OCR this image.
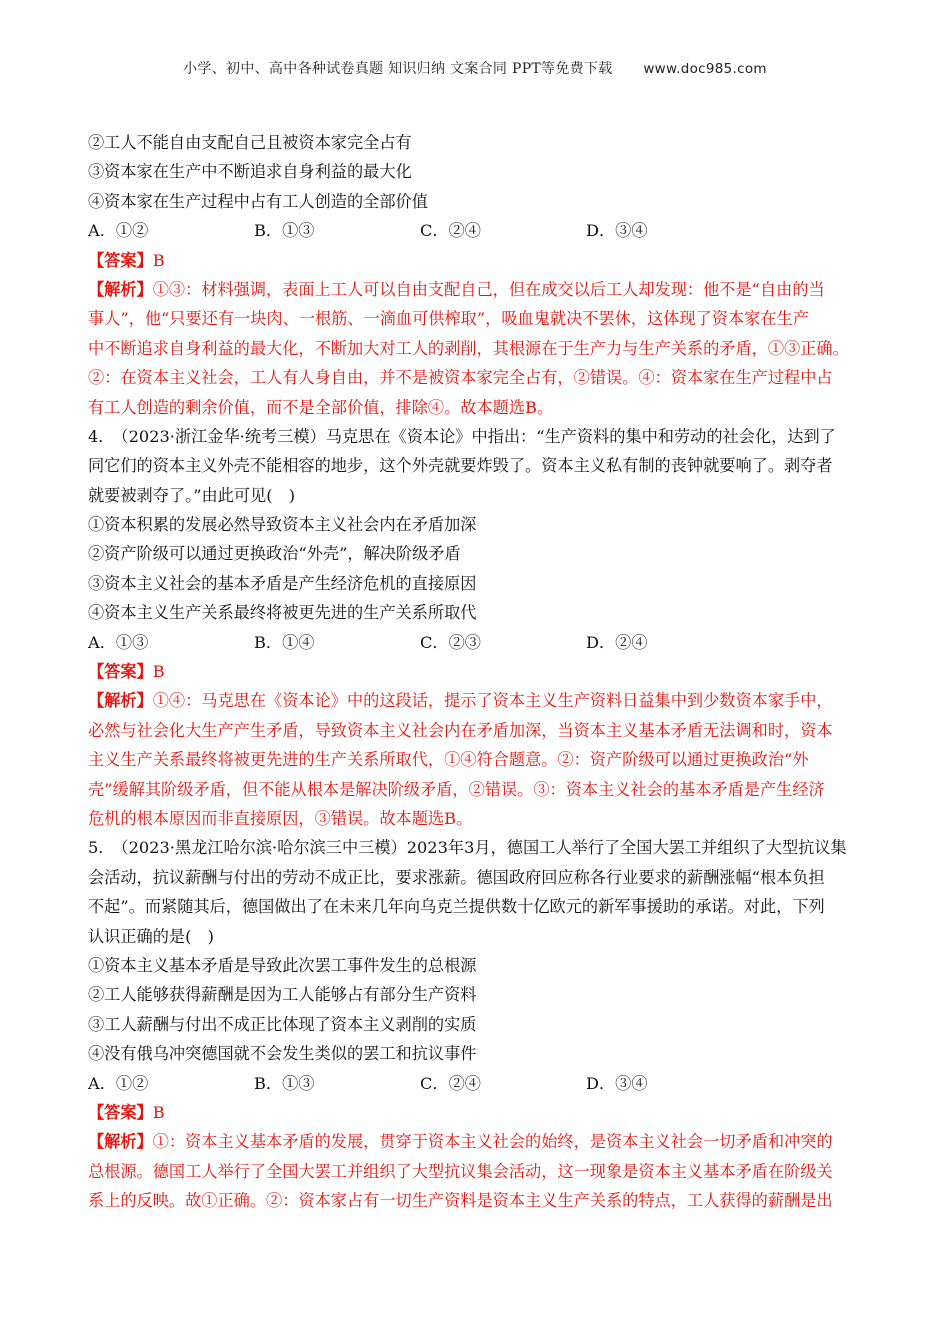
小学、初中、高中各种试卷真题 知识归纳 文案合同 PPT等免费下载 www.doc985.com
②工人不能自由支配自己且被资本家完全占有
③资本家在生产中不断追求自身利益的最大化
④资本家在生产过程中占有工人创造的全部价值
A．①②	B．①③	C．②④	D．③④
【答案】B
【解析】①③：材料强调，表面上工人可以自由支配自己，但在成交以后工人却发现：他不是“自由的当
事人”，他“只要还有一块肉、一根筋、一滴血可供榨取”，吸血鬼就决不罢休，这体现了资本家在生产
中不断追求自身利益的最大化，不断加大对工人的剥削，其根源在于生产力与生产关系的矛盾，①③正确。
②：在资本主义社会，工人有人身自由，并不是被资本家完全占有，②错误。④：资本家在生产过程中占
有工人创造的剩余价值，而不是全部价值，排除④。故本题选B。
4． （2023·浙江金华·统考三模）马克思在《资本论》中指出：“生产资料的集中和劳动的社会化，达到了
同它们的资本主义外壳不能相容的地步，这个外壳就要炸毁了。资本主义私有制的丧钟就要响了。剥夺者
就要被剥夺了。”由此可见(　)
①资本积累的发展必然导致资本主义社会内在矛盾加深
②资产阶级可以通过更换政治“外壳”，解决阶级矛盾
③资本主义社会的基本矛盾是产生经济危机的直接原因
④资本主义生产关系最终将被更先进的生产关系所取代
A．①③	B．①④	C．②③	D．②④
【答案】B
【解析】①④：马克思在《资本论》中的这段话，提示了资本主义生产资料日益集中到少数资本家手中，
必然与社会化大生产产生矛盾，导致资本主义社会内在矛盾加深，当资本主义基本矛盾无法调和时，资本
主义生产关系最终将被更先进的生产关系所取代，①④符合题意。②：资产阶级可以通过更换政治“外
壳”缓解其阶级矛盾，但不能从根本是解决阶级矛盾，②错误。③：资本主义社会的基本矛盾是产生经济
危机的根本原因而非直接原因，③错误。故本题选B。
5． （2023·黑龙江哈尔滨·哈尔滨三中三模）2023年3月，德国工人举行了全国大罢工并组织了大型抗议集
会活动，抗议薪酬与付出的劳动不成正比，要求涨薪。德国政府回应称各行业要求的薪酬涨幅“根本负担
不起”。而紧随其后，德国做出了在未来几年向乌克兰提供数十亿欧元的新军事援助的承诺。对此，下列
认识正确的是(　)
①资本主义基本矛盾是导致此次罢工事件发生的总根源
②工人能够获得薪酬是因为工人能够占有部分生产资料
③工人薪酬与付出不成正比体现了资本主义剥削的实质
④没有俄乌冲突德国就不会发生类似的罢工和抗议事件
A．①②	B．①③	C．②④	D．③④
【答案】B
【解析】①：资本主义基本矛盾的发展，贯穿于资本主义社会的始终，是资本主义社会一切矛盾和冲突的
总根源。德国工人举行了全国大罢工并组织了大型抗议集会活动，这一现象是资本主义基本矛盾在阶级关
系上的反映。故①正确。②：资本家占有一切生产资料是资本主义生产关系的特点，工人获得的薪酬是出
